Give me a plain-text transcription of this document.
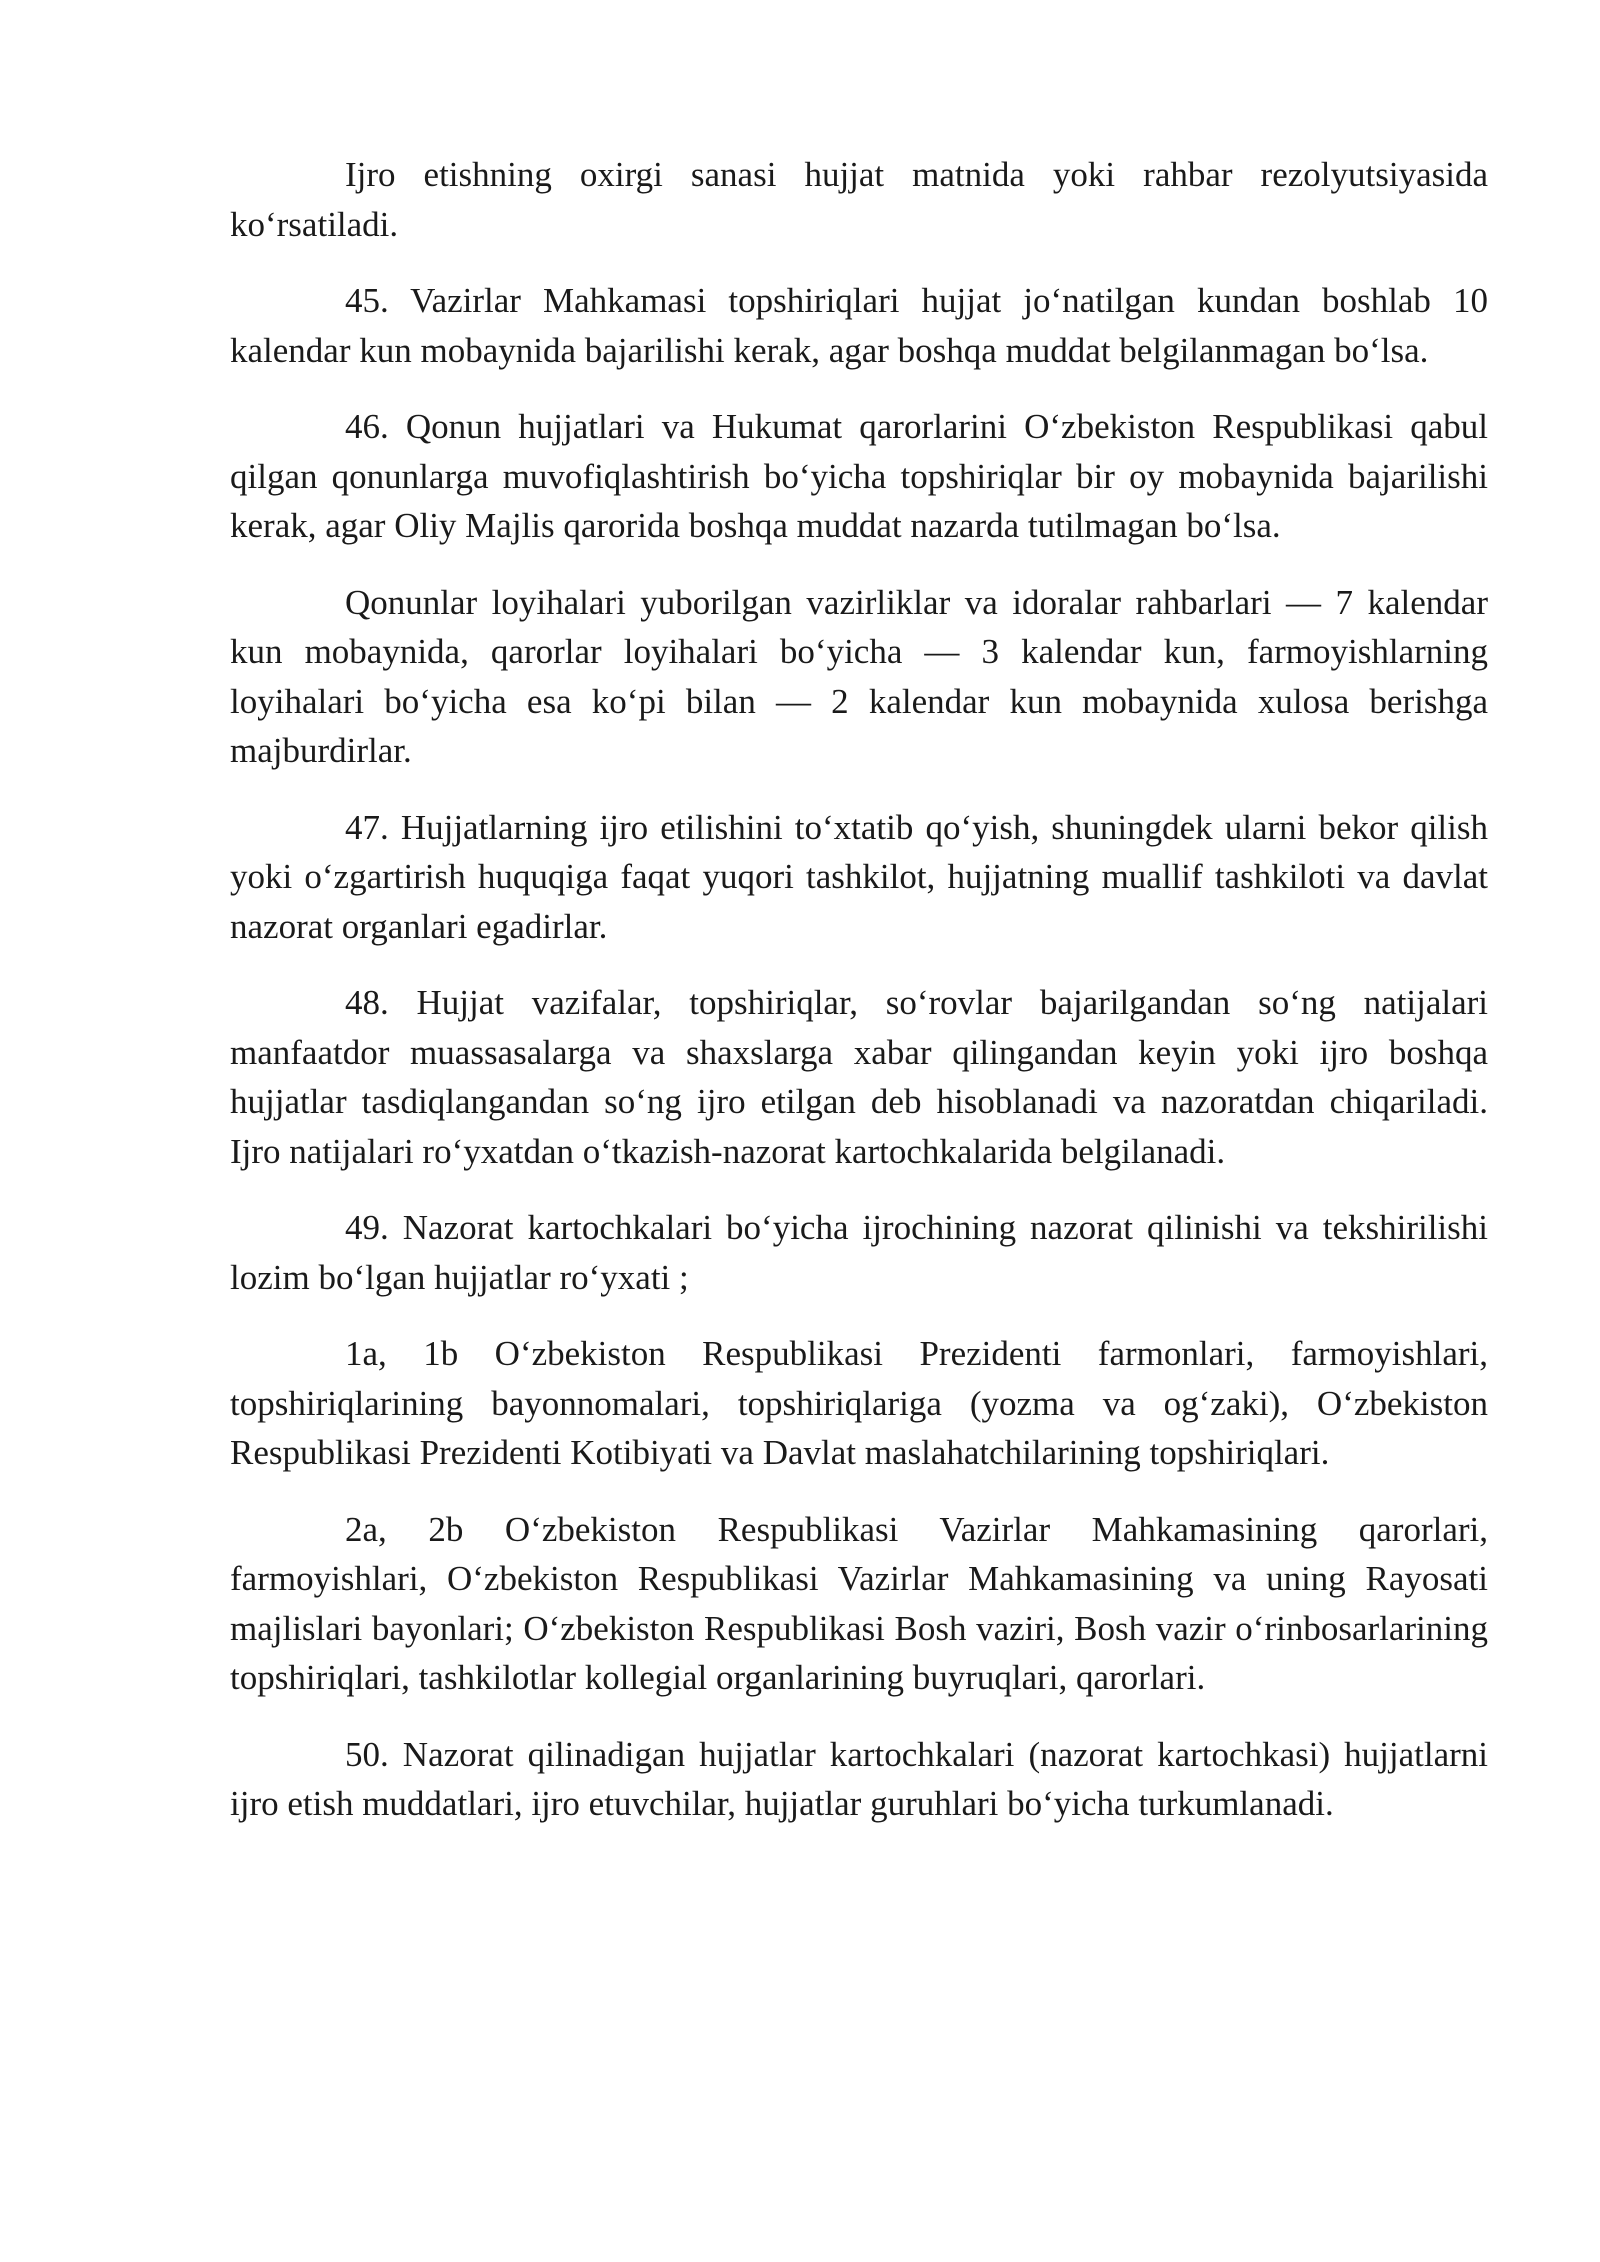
Ijro etishning oxirgi sanasi hujjat matnida yoki rahbar rezolyutsiyasida ko‘rsatiladi.

45. Vazirlar Mahkamasi topshiriqlari hujjat jo‘natilgan kundan boshlab 10 kalendar kun mobaynida bajarilishi kerak, agar boshqa muddat belgilanmagan bo‘lsa.

46. Qonun hujjatlari va Hukumat qarorlarini O‘zbekiston Respublikasi qabul qilgan qonunlarga muvofiqlashtirish bo‘yicha topshiriqlar bir oy mobaynida bajarilishi kerak, agar Oliy Majlis qarorida boshqa muddat nazarda tutilmagan bo‘lsa.

Qonunlar loyihalari yuborilgan vazirliklar va idoralar rahbarlari — 7 kalendar kun mobaynida, qarorlar loyihalari bo‘yicha — 3 kalendar kun, farmoyishlarning loyihalari bo‘yicha esa ko‘pi bilan — 2 kalendar kun mobaynida xulosa berishga majburdirlar.

47. Hujjatlarning ijro etilishini to‘xtatib qo‘yish, shuningdek ularni bekor qilish yoki o‘zgartirish huquqiga faqat yuqori tashkilot, hujjatning muallif tashkiloti va davlat nazorat organlari egadirlar.

48. Hujjat vazifalar, topshiriqlar, so‘rovlar bajarilgandan so‘ng natijalari manfaatdor muassasalarga va shaxslarga xabar qilingandan keyin yoki ijro boshqa hujjatlar tasdiqlangandan so‘ng ijro etilgan deb hisoblanadi va nazoratdan chiqariladi. Ijro natijalari ro‘yxatdan o‘tkazish-nazorat kartochkalarida belgilanadi.

49. Nazorat kartochkalari bo‘yicha ijrochining nazorat qilinishi va tekshirilishi lozim bo‘lgan hujjatlar ro‘yxati ;

1a, 1b O‘zbekiston Respublikasi Prezidenti farmonlari, farmoyishlari, topshiriqlarining bayonnomalari, topshiriqlariga (yozma va og‘zaki), O‘zbekiston Respublikasi Prezidenti Kotibiyati va Davlat maslahatchilarining topshiriqlari.

2a, 2b O‘zbekiston Respublikasi Vazirlar Mahkamasining qarorlari, farmoyishlari, O‘zbekiston Respublikasi Vazirlar Mahkamasining va uning Rayosati majlislari bayonlari; O‘zbekiston Respublikasi Bosh vaziri, Bosh vazir o‘rinbosarlarining topshiriqlari, tashkilotlar kollegial organlarining buyruqlari, qarorlari.

50. Nazorat qilinadigan hujjatlar kartochkalari (nazorat kartochkasi) hujjatlarni ijro etish muddatlari, ijro etuvchilar, hujjatlar guruhlari bo‘yicha turkumlanadi.
